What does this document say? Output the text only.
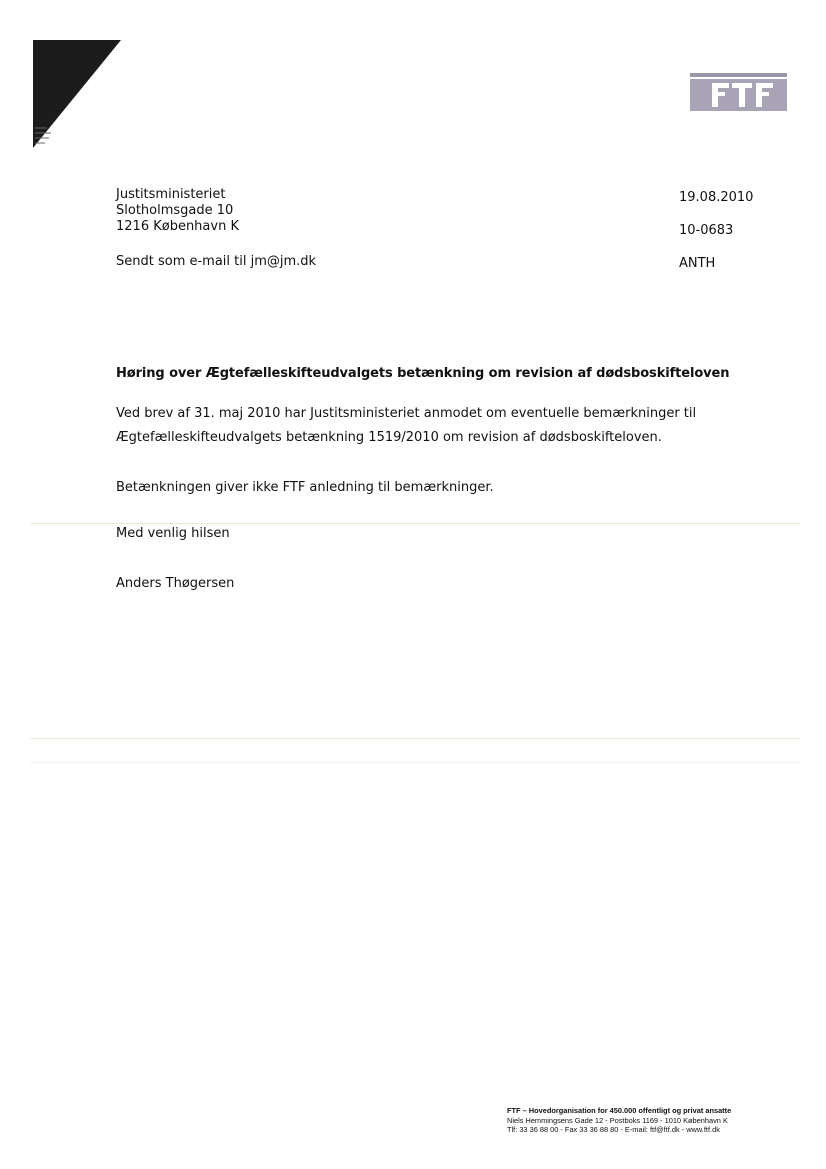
Justitsministeriet
Slotholmsgade 10
1216 København K
Sendt som e-mail til jm@jm.dk
19.08.2010
10-0683
ANTH
Høring over Ægtefælleskifteudvalgets betænkning om revision af dødsboskifteloven
Ved brev af 31. maj 2010 har Justitsministeriet anmodet om eventuelle bemærkninger til
Ægtefælleskifteudvalgets betænkning 1519/2010 om revision af dødsboskifteloven.
Betænkningen giver ikke FTF anledning til bemærkninger.
Med venlig hilsen
Anders Thøgersen
FTF – Hovedorganisation for 450.000 offentligt og privat ansatte
Niels Hemmingsens Gade 12 - Postboks 1169 - 1010 København K
Tlf: 33 36 88 00 - Fax 33 36 88 80 - E-mail: ftf@ftf.dk - www.ftf.dk
